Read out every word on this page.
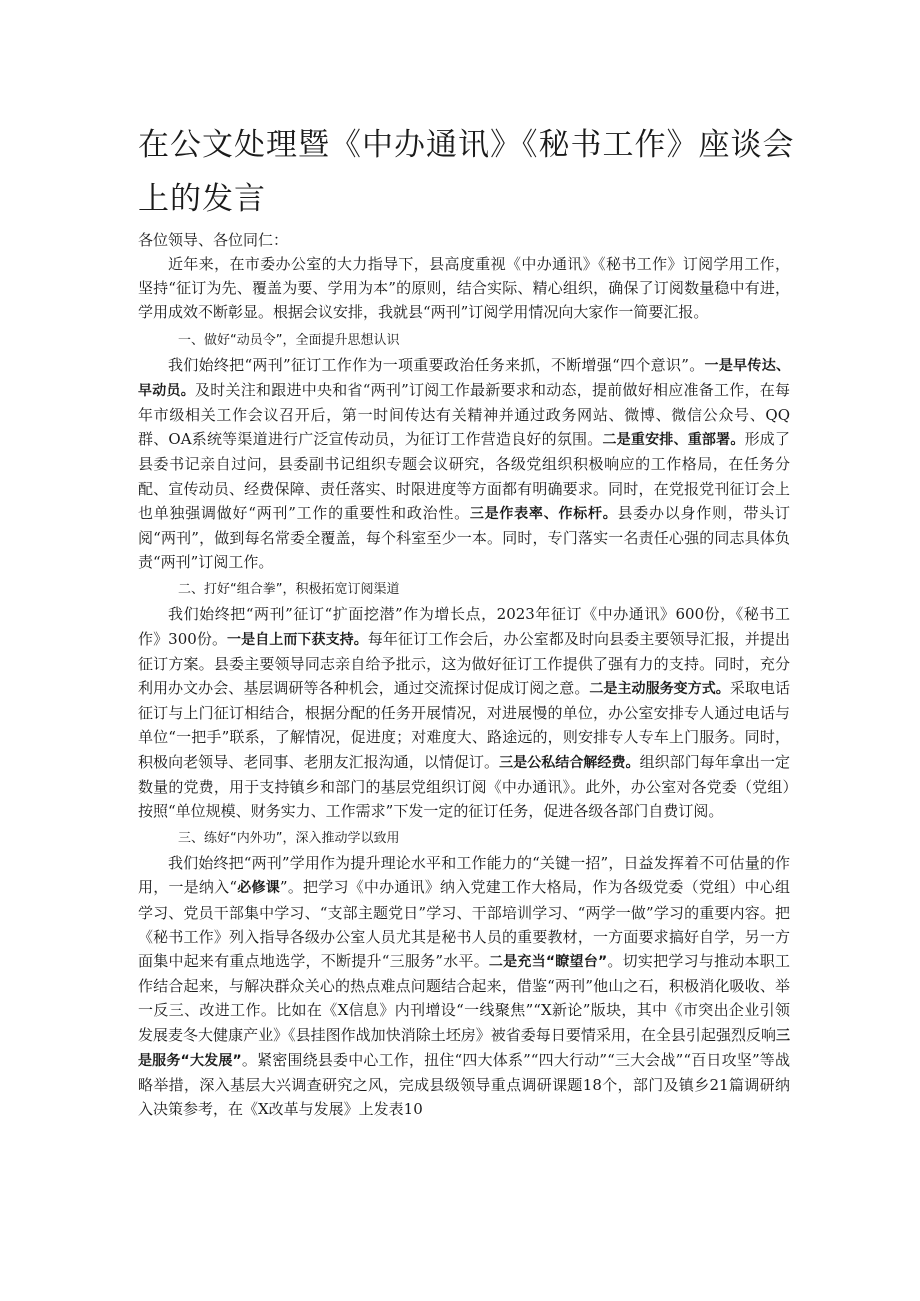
在公文处理暨《中办通讯》《秘书工作》座谈会上的发言

各位领导、各位同仁：

近年来，在市委办公室的大力指导下，县高度重视《中办通讯》《秘书工作》订阅学用工作，坚持“征订为先、覆盖为要、学用为本”的原则，结合实际、精心组织，确保了订阅数量稳中有进，学用成效不断彰显。根据会议安排，我就县“两刊”订阅学用情况向大家作一简要汇报。

一、做好“动员令”，全面提升思想认识

我们始终把“两刊”征订工作作为一项重要政治任务来抓，不断增强“四个意识”。一是早传达、早动员。及时关注和跟进中央和省“两刊”订阅工作最新要求和动态，提前做好相应准备工作，在每年市级相关工作会议召开后，第一时间传达有关精神并通过政务网站、微博、微信公众号、QQ群、OA系统等渠道进行广泛宣传动员，为征订工作营造良好的氛围。二是重安排、重部署。形成了县委书记亲自过问，县委副书记组织专题会议研究，各级党组织积极响应的工作格局，在任务分配、宣传动员、经费保障、责任落实、时限进度等方面都有明确要求。同时，在党报党刊征订会上也单独强调做好“两刊”工作的重要性和政治性。三是作表率、作标杆。县委办以身作则，带头订阅“两刊”，做到每名常委全覆盖，每个科室至少一本。同时，专门落实一名责任心强的同志具体负责“两刊”订阅工作。

二、打好“组合拳”，积极拓宽订阅渠道

我们始终把“两刊”征订“扩面挖潜”作为增长点，2023年征订《中办通讯》600份，《秘书工作》300份。一是自上而下获支持。每年征订工作会后，办公室都及时向县委主要领导汇报，并提出征订方案。县委主要领导同志亲自给予批示，这为做好征订工作提供了强有力的支持。同时，充分利用办文办会、基层调研等各种机会，通过交流探讨促成订阅之意。二是主动服务变方式。采取电话征订与上门征订相结合，根据分配的任务开展情况，对进展慢的单位，办公室安排专人通过电话与单位“一把手”联系，了解情况，促进度；对难度大、路途远的，则安排专人专车上门服务。同时，积极向老领导、老同事、老朋友汇报沟通，以情促订。三是公私结合解经费。组织部门每年拿出一定数量的党费，用于支持镇乡和部门的基层党组织订阅《中办通讯》。此外，办公室对各党委（党组）按照“单位规模、财务实力、工作需求”下发一定的征订任务，促进各级各部门自费订阅。

三、练好“内外功”，深入推动学以致用

我们始终把“两刊”学用作为提升理论水平和工作能力的“关键一招”，日益发挥着不可估量的作用，一是纳入“必修课”。把学习《中办通讯》纳入党建工作大格局，作为各级党委（党组）中心组学习、党员干部集中学习、“支部主题党日”学习、干部培训学习、“两学一做”学习的重要内容。把《秘书工作》列入指导各级办公室人员尤其是秘书人员的重要教材，一方面要求搞好自学，另一方面集中起来有重点地选学，不断提升“三服务”水平。二是充当“瞭望台”。切实把学习与推动本职工作结合起来，与解决群众关心的热点难点问题结合起来，借鉴“两刊”他山之石，积极消化吸收、举一反三、改进工作。比如在《X信息》内刊增设“一线聚焦”“X新论”版块，其中《市突出企业引领发展麦冬大健康产业》《县挂图作战加快消除土坯房》被省委每日要情采用，在全县引起强烈反响三是服务“大发展”。紧密围绕县委中心工作，扭住“四大体系”“四大行动”“三大会战”“百日攻坚”等战略举措，深入基层大兴调查研究之风，完成县级领导重点调研课题18个，部门及镇乡21篇调研纳入决策参考，在《X改革与发展》上发表10
